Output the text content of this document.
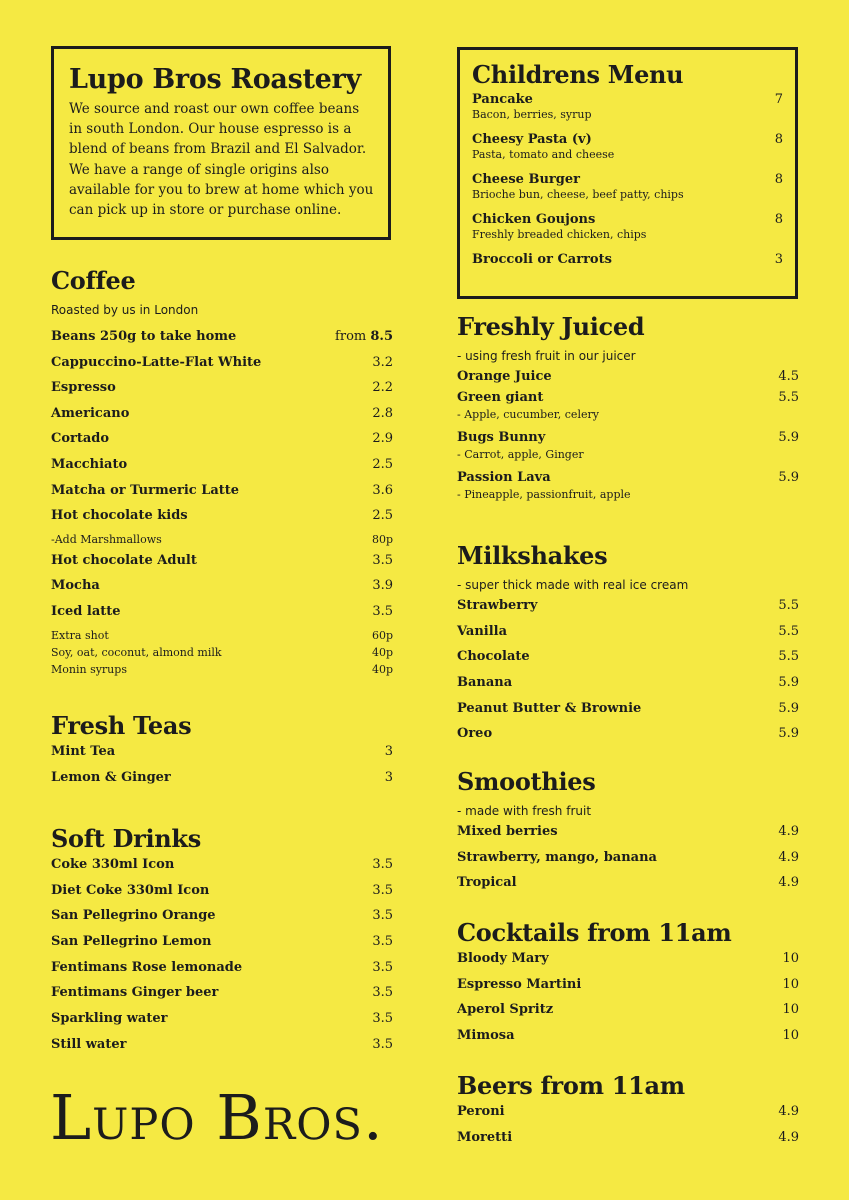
Lupo Bros Roastery
We source and roast our own coffee beans in south London. Our house espresso is a blend of beans from Brazil and El Salvador. We have a range of single origins also available for you to brew at home which you can pick up in store or purchase online.
Coffee
Roasted by us in London
Beans 250g to take home	from 8.5
Cappuccino-Latte-Flat White	3.2
Espresso	2.2
Americano	2.8
Cortado	2.9
Macchiato	2.5
Matcha or Turmeric Latte	3.6
Hot chocolate kids	2.5
-Add Marshmallows	80p
Hot chocolate Adult	3.5
Mocha	3.9
Iced latte	3.5
Extra shot	60p
Soy, oat, coconut, almond milk	40p
Monin syrups	40p
Fresh Teas
Mint Tea	3
Lemon & Ginger	3
Soft Drinks
Coke 330ml Icon	3.5
Diet Coke 330ml Icon	3.5
San Pellegrino Orange	3.5
San Pellegrino Lemon	3.5
Fentimans Rose lemonade	3.5
Fentimans Ginger beer	3.5
Sparkling water	3.5
Still water	3.5
Lupo Bros.
Childrens Menu
Pancake	7
Bacon, berries, syrup
Cheesy Pasta (v)	8
Pasta, tomato and cheese
Cheese Burger	8
Brioche bun, cheese, beef patty, chips
Chicken Goujons	8
Freshly breaded chicken, chips
Broccoli or Carrots	3
Freshly Juiced
- using fresh fruit in our juicer
Orange Juice	4.5
Green giant	5.5
- Apple, cucumber, celery
Bugs Bunny	5.9
- Carrot, apple, Ginger
Passion Lava	5.9
- Pineapple, passionfruit, apple
Milkshakes
- super thick made with real ice cream
Strawberry	5.5
Vanilla	5.5
Chocolate	5.5
Banana	5.9
Peanut Butter & Brownie	5.9
Oreo	5.9
Smoothies
- made with fresh fruit
Mixed berries	4.9
Strawberry, mango, banana	4.9
Tropical	4.9
Cocktails from 11am
Bloody Mary	10
Espresso Martini	10
Aperol Spritz	10
Mimosa	10
Beers from 11am
Peroni	4.9
Moretti	4.9
